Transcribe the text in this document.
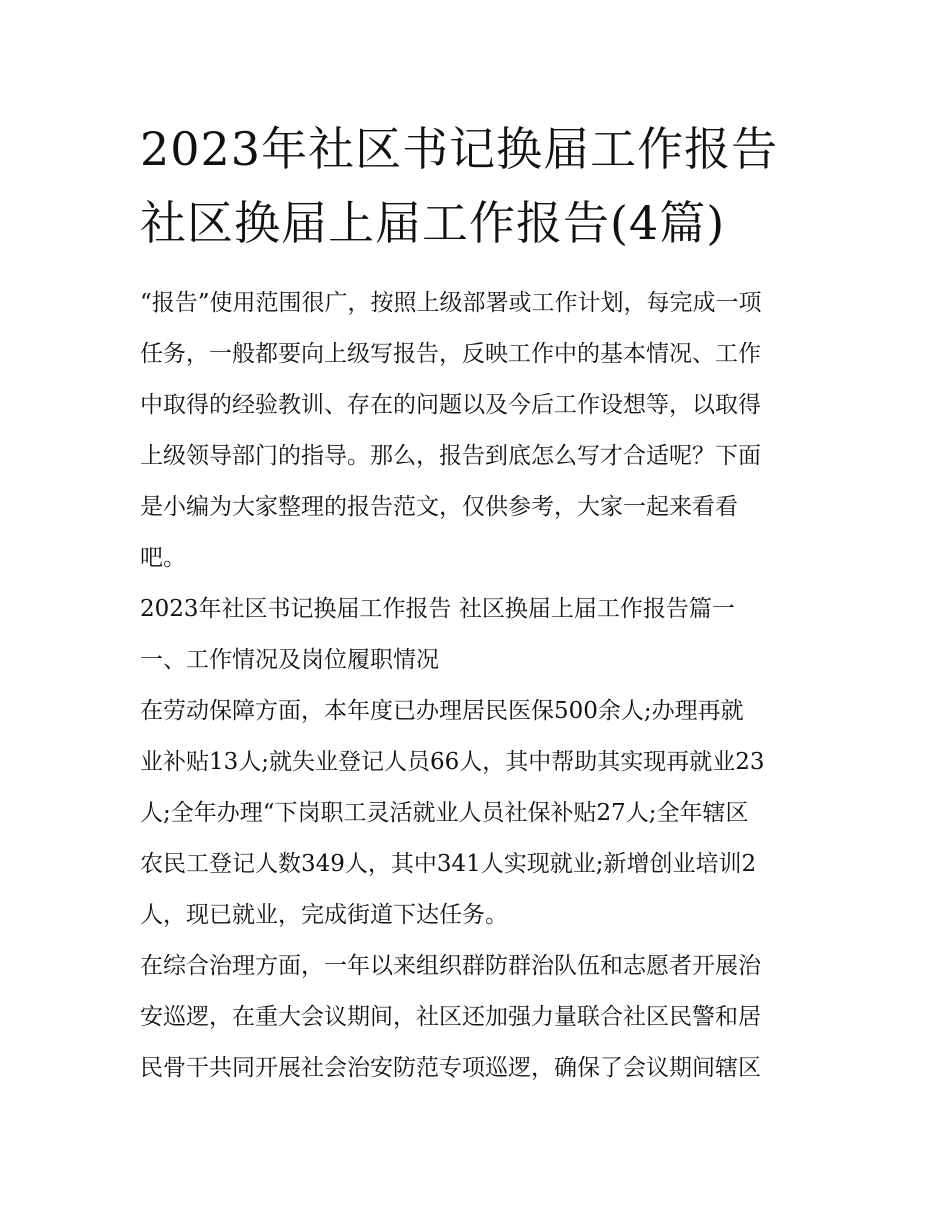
2023年社区书记换届工作报告
社区换届上届工作报告(4篇)

“报告”使用范围很广，按照上级部署或工作计划，每完成一项
任务，一般都要向上级写报告，反映工作中的基本情况、工作
中取得的经验教训、存在的问题以及今后工作设想等，以取得
上级领导部门的指导。那么，报告到底怎么写才合适呢？下面
是小编为大家整理的报告范文，仅供参考，大家一起来看看
吧。

2023年社区书记换届工作报告 社区换届上届工作报告篇一

一、工作情况及岗位履职情况

在劳动保障方面，本年度已办理居民医保500余人;办理再就
业补贴13人;就失业登记人员66人，其中帮助其实现再就业23
人;全年办理“下岗职工灵活就业人员社保补贴27人;全年辖区
农民工登记人数349人，其中341人实现就业;新增创业培训2
人，现已就业，完成街道下达任务。

在综合治理方面，一年以来组织群防群治队伍和志愿者开展治
安巡逻，在重大会议期间，社区还加强力量联合社区民警和居
民骨干共同开展社会治安防范专项巡逻，确保了会议期间辖区
